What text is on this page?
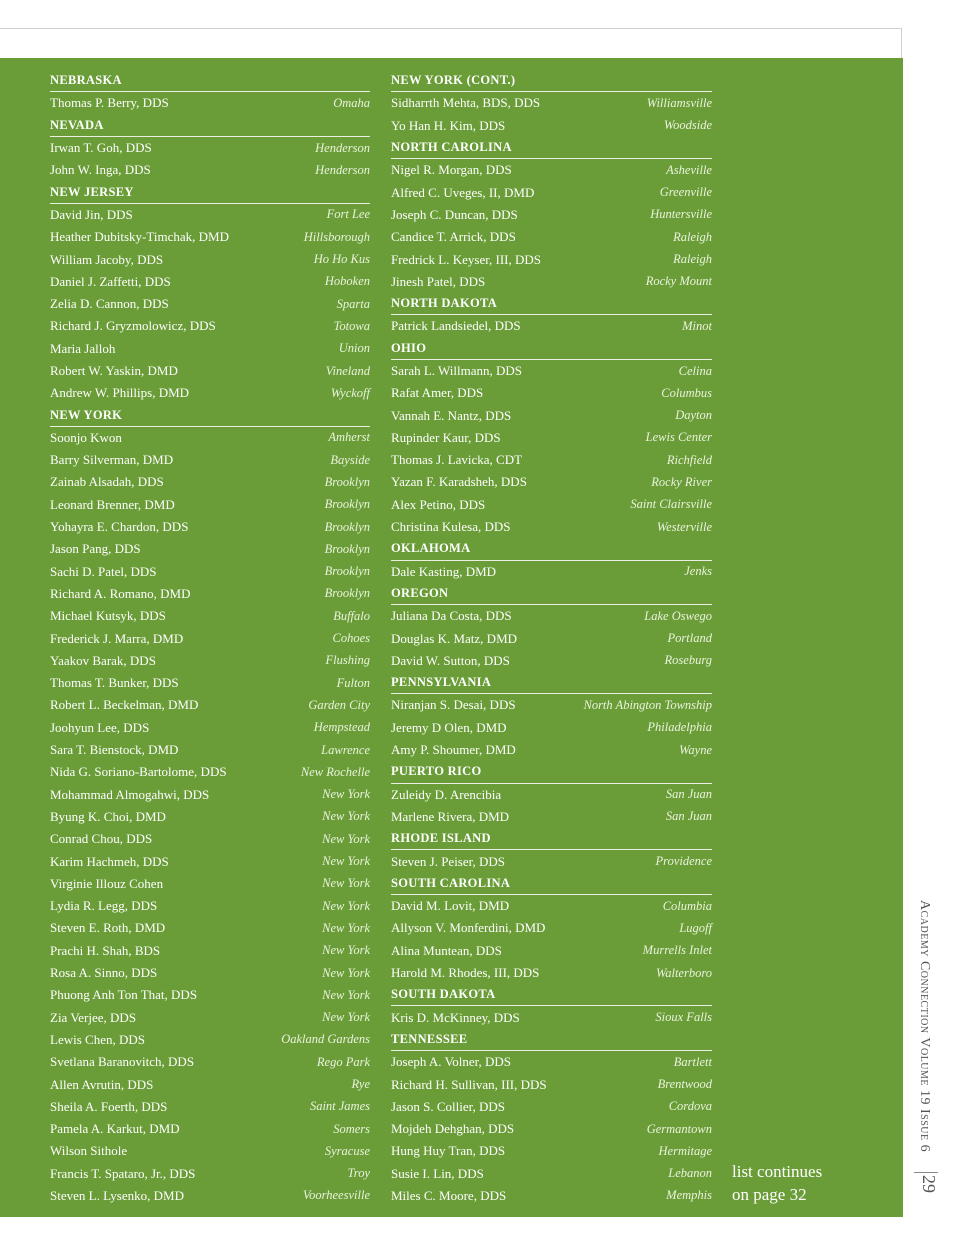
NEBRASKA
Thomas P. Berry, DDS	Omaha
NEVADA
Irwan T. Goh, DDS	Henderson
John W. Inga, DDS	Henderson
NEW JERSEY
David Jin, DDS	Fort Lee
Heather Dubitsky-Timchak, DMD	Hillsborough
William Jacoby, DDS	Ho Ho Kus
Daniel J. Zaffetti, DDS	Hoboken
Zelia D. Cannon, DDS	Sparta
Richard J. Gryzmolowicz, DDS	Totowa
Maria Jalloh	Union
Robert W. Yaskin, DMD	Vineland
Andrew W. Phillips, DMD	Wyckoff
NEW YORK
Soonjo Kwon	Amherst
Barry Silverman, DMD	Bayside
Zainab Alsadah, DDS	Brooklyn
Leonard Brenner, DMD	Brooklyn
Yohayra E. Chardon, DDS	Brooklyn
Jason Pang, DDS	Brooklyn
Sachi D. Patel, DDS	Brooklyn
Richard A. Romano, DMD	Brooklyn
Michael Kutsyk, DDS	Buffalo
Frederick J. Marra, DMD	Cohoes
Yaakov Barak, DDS	Flushing
Thomas T. Bunker, DDS	Fulton
Robert L. Beckelman, DMD	Garden City
Joohyun Lee, DDS	Hempstead
Sara T. Bienstock, DMD	Lawrence
Nida G. Soriano-Bartolome, DDS	New Rochelle
Mohammad Almogahwi, DDS	New York
Byung K. Choi, DMD	New York
Conrad Chou, DDS	New York
Karim Hachmeh, DDS	New York
Virginie Illouz Cohen	New York
Lydia R. Legg, DDS	New York
Steven E. Roth, DMD	New York
Prachi H. Shah, BDS	New York
Rosa A. Sinno, DDS	New York
Phuong Anh Ton That, DDS	New York
Zia Verjee, DDS	New York
Lewis Chen, DDS	Oakland Gardens
Svetlana Baranovitch, DDS	Rego Park
Allen Avrutin, DDS	Rye
Sheila A. Foerth, DDS	Saint James
Pamela A. Karkut, DMD	Somers
Wilson Sithole	Syracuse
Francis T. Spataro, Jr., DDS	Troy
Steven L. Lysenko, DMD	Voorheesville
NEW YORK (CONT.)
Sidharrth Mehta, BDS, DDS	Williamsville
Yo Han H. Kim, DDS	Woodside
NORTH CAROLINA
Nigel R. Morgan, DDS	Asheville
Alfred C. Uveges, II, DMD	Greenville
Joseph C. Duncan, DDS	Huntersville
Candice T. Arrick, DDS	Raleigh
Fredrick L. Keyser, III, DDS	Raleigh
Jinesh Patel, DDS	Rocky Mount
NORTH DAKOTA
Patrick Landsiedel, DDS	Minot
OHIO
Sarah L. Willmann, DDS	Celina
Rafat Amer, DDS	Columbus
Vannah E. Nantz, DDS	Dayton
Rupinder Kaur, DDS	Lewis Center
Thomas J. Lavicka, CDT	Richfield
Yazan F. Karadsheh, DDS	Rocky River
Alex Petino, DDS	Saint Clairsville
Christina Kulesa, DDS	Westerville
OKLAHOMA
Dale Kasting, DMD	Jenks
OREGON
Juliana Da Costa, DDS	Lake Oswego
Douglas K. Matz, DMD	Portland
David W. Sutton, DDS	Roseburg
PENNSYLVANIA
Niranjan S. Desai, DDS	North Abington Township
Jeremy D Olen, DMD	Philadelphia
Amy P. Shoumer, DMD	Wayne
PUERTO RICO
Zuleidy D. Arencibia	San Juan
Marlene Rivera, DMD	San Juan
RHODE ISLAND
Steven J. Peiser, DDS	Providence
SOUTH CAROLINA
David M. Lovit, DMD	Columbia
Allyson V. Monferdini, DMD	Lugoff
Alina Muntean, DDS	Murrells Inlet
Harold M. Rhodes, III, DDS	Walterboro
SOUTH DAKOTA
Kris D. McKinney, DDS	Sioux Falls
TENNESSEE
Joseph A. Volner, DDS	Bartlett
Richard H. Sullivan, III, DDS	Brentwood
Jason S. Collier, DDS	Cordova
Mojdeh Dehghan, DDS	Germantown
Hung Huy Tran, DDS	Hermitage
Susie I. Lin, DDS	Lebanon
Miles C. Moore, DDS	Memphis
list continues
on page 32
Academy Connection Volume 19 Issue 6
29
